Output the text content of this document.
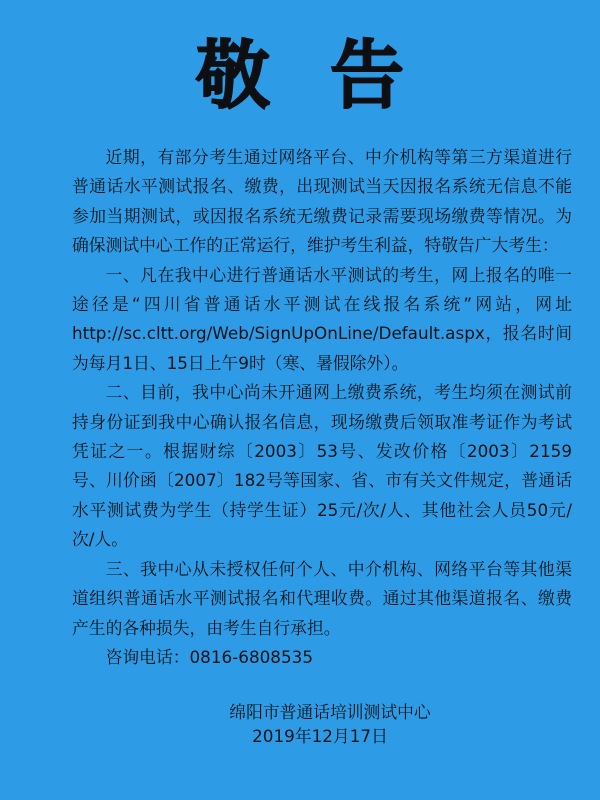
敬告

近期，有部分考生通过网络平台、中介机构等第三方渠道进行普通话水平测试报名、缴费，出现测试当天因报名系统无信息不能参加当期测试，或因报名系统无缴费记录需要现场缴费等情况。为确保测试中心工作的正常运行，维护考生利益，特敬告广大考生：

一、凡在我中心进行普通话水平测试的考生，网上报名的唯一途径是“四川省普通话水平测试在线报名系统”网站，网址http://sc.cltt.org/Web/SignUpOnLine/Default.aspx，报名时间为每月1日、15日上午9时（寒、暑假除外）。

二、目前，我中心尚未开通网上缴费系统，考生均须在测试前持身份证到我中心确认报名信息，现场缴费后领取准考证作为考试凭证之一。根据财综〔2003〕53号、发改价格〔2003〕2159号、川价函〔2007〕182号等国家、省、市有关文件规定，普通话水平测试费为学生（持学生证）25元/次/人、其他社会人员50元/次/人。

三、我中心从未授权任何个人、中介机构、网络平台等其他渠道组织普通话水平测试报名和代理收费。通过其他渠道报名、缴费产生的各种损失，由考生自行承担。

咨询电话：0816-6808535

绵阳市普通话培训测试中心
2019年12月17日
